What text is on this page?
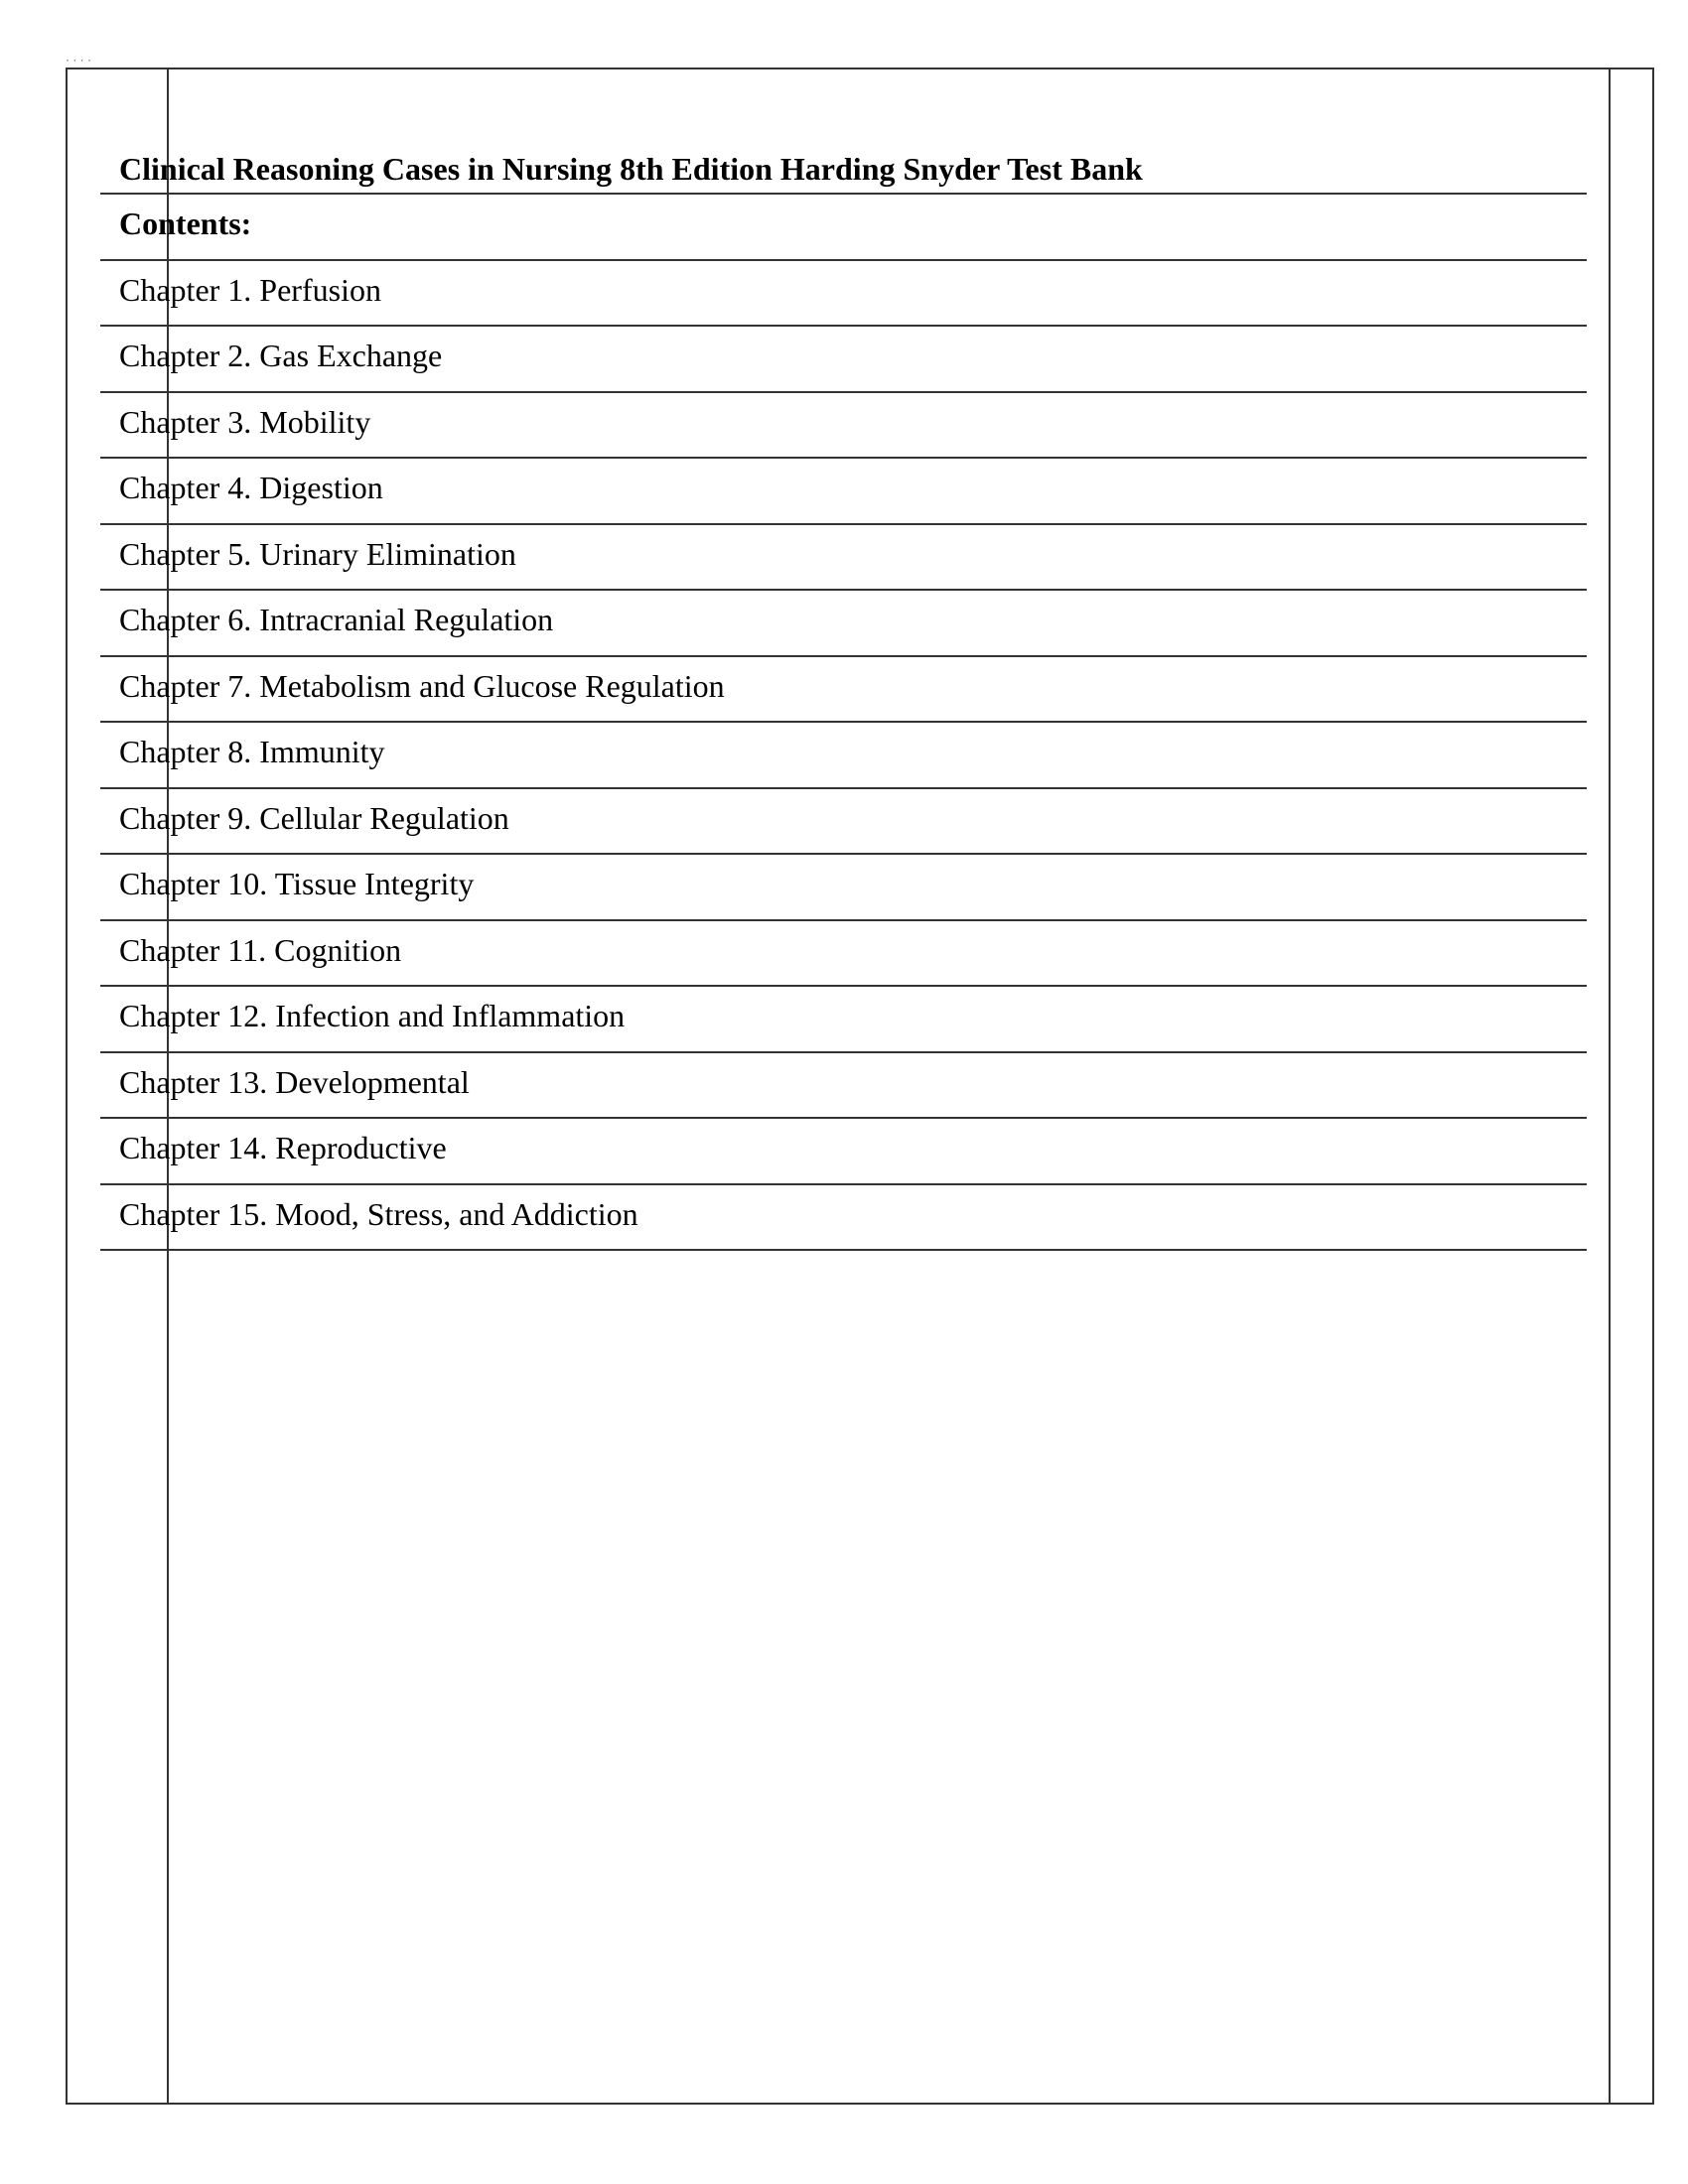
· · · ·
Clinical Reasoning Cases in Nursing 8th Edition Harding Snyder Test Bank
Contents:
Chapter 1. Perfusion
Chapter 2. Gas Exchange
Chapter 3. Mobility
Chapter 4. Digestion
Chapter 5. Urinary Elimination
Chapter 6. Intracranial Regulation
Chapter 7. Metabolism and Glucose Regulation
Chapter 8. Immunity
Chapter 9. Cellular Regulation
Chapter 10. Tissue Integrity
Chapter 11. Cognition
Chapter 12. Infection and Inflammation
Chapter 13. Developmental
Chapter 14. Reproductive
Chapter 15. Mood, Stress, and Addiction
